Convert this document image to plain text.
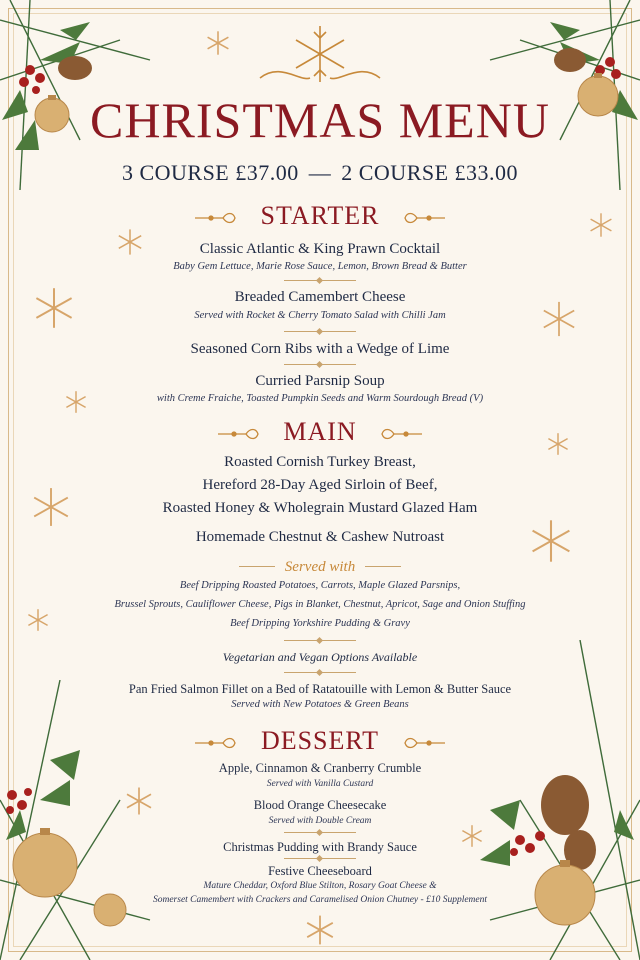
CHRISTMAS MENU
3 COURSE £37.00 — 2 COURSE £33.00
STARTER
Classic Atlantic & King Prawn Cocktail
Baby Gem Lettuce, Marie Rose Sauce, Lemon, Brown Bread & Butter
Breaded Camembert Cheese
Served with Rocket & Cherry Tomato Salad with Chilli Jam
Seasoned Corn Ribs with a Wedge of Lime
Curried Parsnip Soup
with Creme Fraiche, Toasted Pumpkin Seeds and Warm Sourdough Bread (V)
MAIN
Roasted Cornish Turkey Breast,
Hereford 28-Day Aged Sirloin of Beef,
Roasted Honey & Wholegrain Mustard Glazed Ham
Homemade Chestnut & Cashew Nutroast
Served with
Beef Dripping Roasted Potatoes, Carrots, Maple Glazed Parsnips,
Brussel Sprouts, Cauliflower Cheese, Pigs in Blanket, Chestnut, Apricot, Sage and Onion Stuffing
Beef Dripping Yorkshire Pudding & Gravy
Vegetarian and Vegan Options Available
Pan Fried Salmon Fillet on a Bed of Ratatouille with Lemon & Butter Sauce
Served with New Potatoes & Green Beans
DESSERT
Apple, Cinnamon & Cranberry Crumble
Served with Vanilla Custard
Blood Orange Cheesecake
Served with Double Cream
Christmas Pudding with Brandy Sauce
Festive Cheeseboard
Mature Cheddar, Oxford Blue Stilton, Rosary Goat Cheese &
Somerset Camembert with Crackers and Caramelised Onion Chutney - £10 Supplement
